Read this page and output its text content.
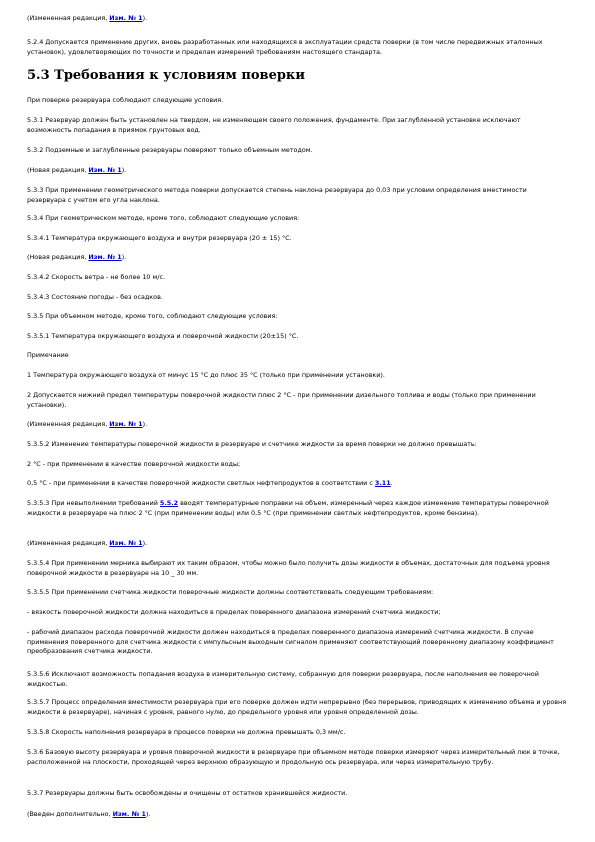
(Измененная редакция, Изм. № 1).

5.2.4 Допускается применение других, вновь разработанных или находящихся в эксплуатации средств поверки (в том числе передвижных эталонных установок), удовлетворяющих по точности и пределам измерений требованиям настоящего стандарта.

5.3 Требования к условиям поверки

При поверке резервуара соблюдают следующие условия.

5.3.1 Резервуар должен быть установлен на твердом, не изменяющем своего положения, фундаменте. При заглубленной установке исключают возможность попадания в приямок грунтовых вод.

5.3.2 Подземные и заглубленные резервуары поверяют только объемным методом.

(Новая редакция, Изм. № 1).

5.3.3 При применении геометрического метода поверки допускается степень наклона резервуара до 0,03 при условии определения вместимости резервуара с учетом его угла наклона.

5.3.4 При геометрическом методе, кроме того, соблюдают следующие условия:

5.3.4.1 Температура окружающего воздуха и внутри резервуара (20 ± 15) °С.

(Новая редакция, Изм. № 1).

5.3.4.2 Скорость ветра - не более 10 м/с.

5.3.4.3 Состояние погоды - без осадков.

5.3.5 При объемном методе, кроме того, соблюдают следующие условия:

5.3.5.1 Температура окружающего воздуха и поверочной жидкости (20±15) °С.

Примечание

1 Температура окружающего воздуха от минус 15 °С до плюс 35 °С (только при применении установки).

2 Допускается нижний предел температуры поверочной жидкости плюс 2 °С - при применении дизельного топлива и воды (только при применении установки).

(Измененная редакция, Изм. № 1).

5.3.5.2 Изменение температуры поверочной жидкости в резервуаре и счетчике жидкости за время поверки не должно превышать:

2 °С - при применении в качестве поверочной жидкости воды;

0,5 °С - при применении в качестве поверочной жидкости светлых нефтепродуктов в соответствии с 3.11.

5.3.5.3 При невыполнении требований 5.5.2 вводят температурные поправки на объем, измеренный через каждое изменение температуры поверочной жидкости в резервуаре на плюс 2 °С (при применении воды) или 0,5 °С (при применении светлых нефтепродуктов, кроме бензина).

(Измененная редакция, Изм. № 1).

5.3.5.4 При применении мерника выбирают их таким образом, чтобы можно было получить дозы жидкости в объемах, достаточных для подъема уровня поверочной жидкости в резервуаре на 10 _ 30 мм.

5.3.5.5 При применении счетчика жидкости поверочные жидкости должны соответствовать следующим требованиям:

- вязкость поверочной жидкости должна находиться в пределах поверенного диапазона измерений счетчика жидкости;

- рабочий диапазон расхода поверочной жидкости должен находиться в пределах поверенного диапазона измерений счетчика жидкости. В случае применения поверенного для счетчика жидкости с импульсным выходным сигналом применяют соответствующий поверенному диапазону коэффициент преобразования счетчика жидкости.

5.3.5.6 Исключают возможность попадания воздуха в измерительную систему, собранную для поверки резервуара, после наполнения ее поверочной жидкостью.

5.3.5.7 Процесс определения вместимости резервуара при его поверке должен идти непрерывно (без перерывов, приводящих к изменению объема и уровня жидкости в резервуаре), начиная с уровня, равного нулю, до предельного уровня или уровня определенной дозы.

5.3.5.8 Скорость наполнения резервуара в процессе поверки не должна превышать 0,3 мм/с.

5.3.6 Базовую высоту резервуара и уровня поверочной жидкости в резервуаре при объемном методе поверки измеряют через измерительный люк в точке, расположенной на плоскости, проходящей через верхнюю образующую и продольную ось резервуара, или через измерительную трубу.

5.3.7 Резервуары должны быть освобождены и очищены от остатков хранившейся жидкости.

(Введен дополнительно, Изм. № 1).
